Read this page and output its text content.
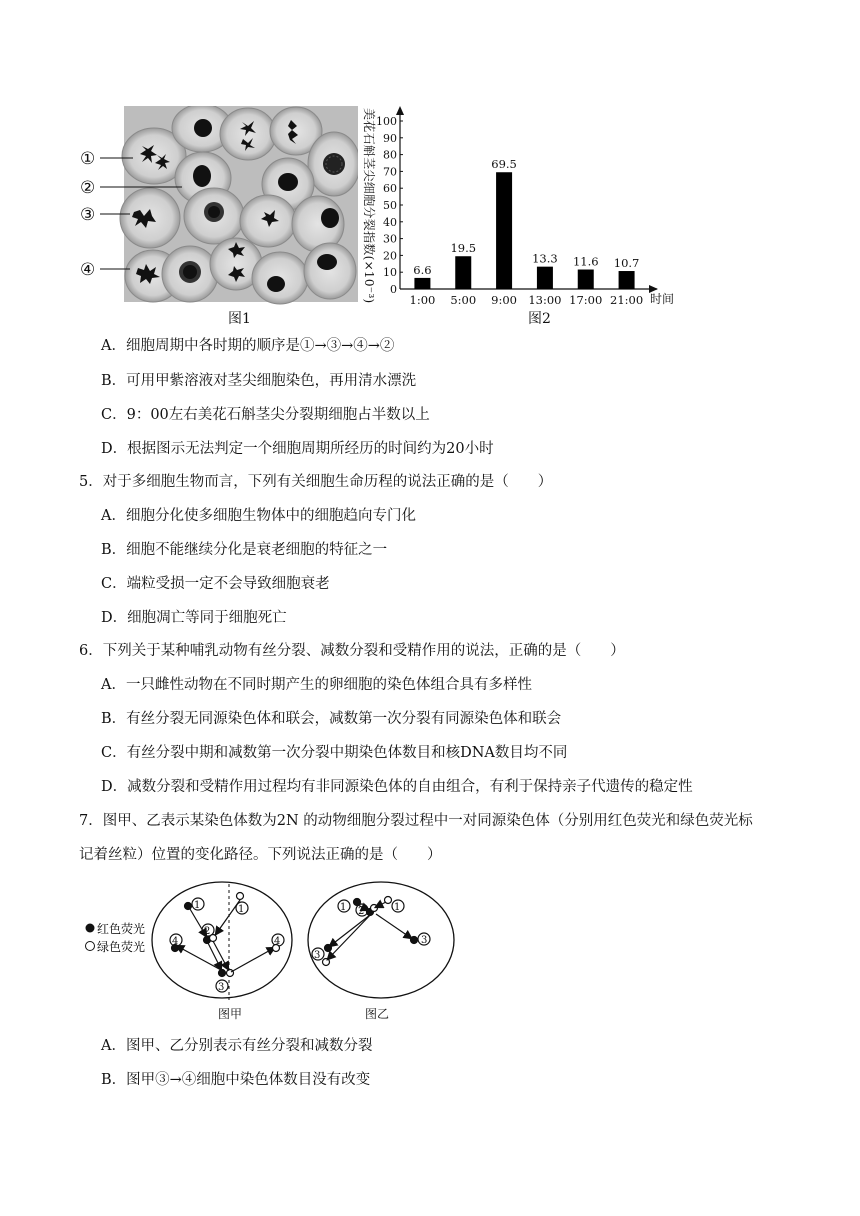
①
②
③
④
图1
美花石斛茎尖细胞分裂指数(×10⁻³) 0
10
20
30
40
50
60
70
80
90
100
6.6
1:00
19.5
5:00
69.5
9:00
13.3
13:00
11.6
17:00
10.7
21:00 时间
图2
A．细胞周期中各时期的顺序是①→③→④→②
B．可用甲紫溶液对茎尖细胞染色，再用清水漂洗
C．9：00左右美花石斛茎尖分裂期细胞占半数以上
D．根据图示无法判定一个细胞周期所经历的时间约为20小时
5．对于多细胞生物而言，下列有关细胞生命历程的说法正确的是（　　）
A．细胞分化使多细胞生物体中的细胞趋向专门化
B．细胞不能继续分化是衰老细胞的特征之一
C．端粒受损一定不会导致细胞衰老
D．细胞凋亡等同于细胞死亡
6．下列关于某种哺乳动物有丝分裂、减数分裂和受精作用的说法，正确的是（　　）
A．一只雌性动物在不同时期产生的卵细胞的染色体组合具有多样性
B．有丝分裂无同源染色体和联会，减数第一次分裂有同源染色体和联会
C．有丝分裂中期和减数第一次分裂中期染色体数目和核DNA数目均不同
D．减数分裂和受精作用过程均有非同源染色体的自由组合，有利于保持亲子代遗传的稳定性
7．图甲、乙表示某染色体数为2N 的动物细胞分裂过程中一对同源染色体（分别用红色荧光和绿色荧光标
记着丝粒）位置的变化路径。下列说法正确的是（　　）
红色荧光
绿色荧光
1	1
2
4	4
3
图甲
1 2	1
3
3
图乙
A．图甲、乙分别表示有丝分裂和减数分裂
B．图甲③→④细胞中染色体数目没有改变
